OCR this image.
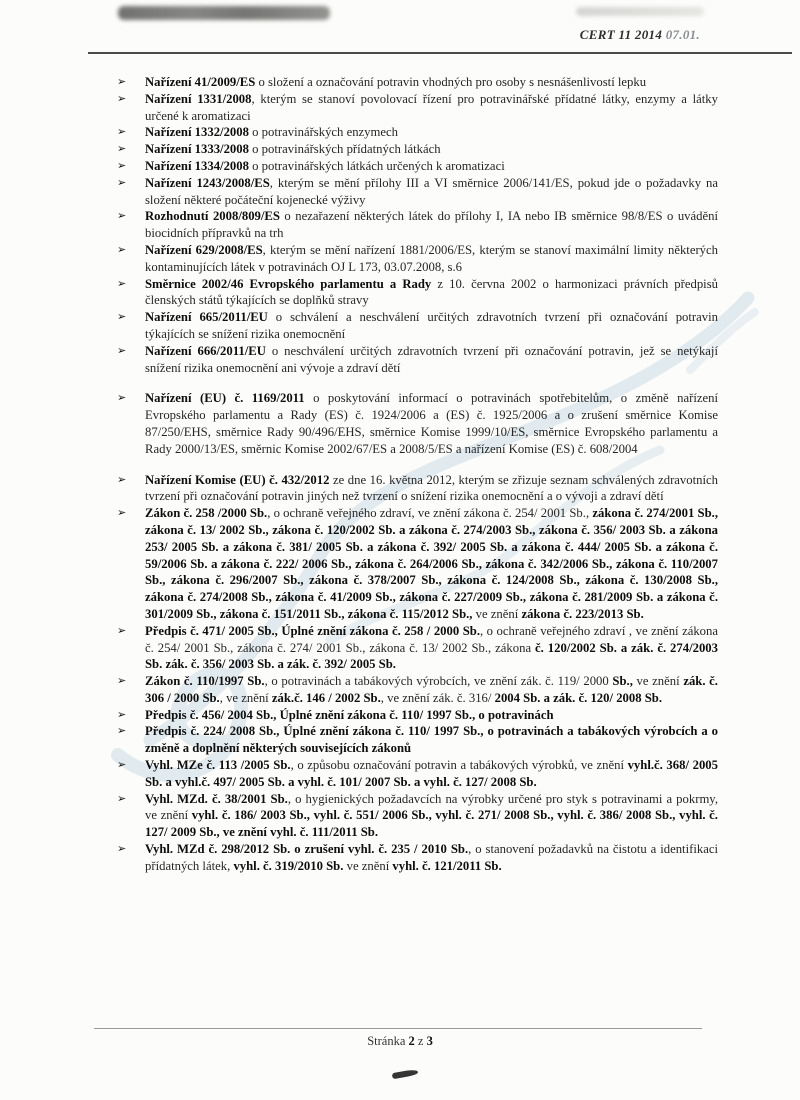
CERT 11 2014 07.01.
➢ Nařízení 41/2009/ES o složení a označování potravin vhodných pro osoby s nesnášenlivostí lepku
➢ Nařízení 1331/2008, kterým se stanoví povolovací řízení pro potravinářské přídatné látky, enzymy a látky určené k aromatizaci
➢ Nařízení 1332/2008 o potravinářských enzymech
➢ Nařízení 1333/2008 o potravinářských přídatných látkách
➢ Nařízení 1334/2008 o potravinářských látkách určených k aromatizaci
➢ Nařízení 1243/2008/ES, kterým se mění přílohy III a VI směrnice 2006/141/ES, pokud jde o požadavky na složení některé počáteční kojenecké výživy
➢ Rozhodnutí 2008/809/ES o nezařazení některých látek do přílohy I, IA nebo IB směrnice 98/8/ES o uvádění biocidních přípravků na trh
➢ Nařízení 629/2008/ES, kterým se mění nařízení 1881/2006/ES, kterým se stanoví maximální limity některých kontaminujících látek v potravinách OJ L 173, 03.07.2008, s.6
➢ Směrnice 2002/46 Evropského parlamentu a Rady z 10. června 2002 o harmonizaci právních předpisů členských států týkajících se doplňků stravy
➢ Nařízení 665/2011/EU o schválení a neschválení určitých zdravotních tvrzení při označování potravin týkajících se snížení rizika onemocnění
➢ Nařízení 666/2011/EU o neschválení určitých zdravotních tvrzení při označování potravin, jež se netýkají snížení rizika onemocnění ani vývoje a zdraví dětí
➢ Nařízení (EU) č. 1169/2011 o poskytování informací o potravinách spotřebitelům, o změně nařízení Evropského parlamentu a Rady (ES) č. 1924/2006 a (ES) č. 1925/2006 a o zrušení směrnice Komise 87/250/EHS, směrnice Rady 90/496/EHS, směrnice Komise 1999/10/ES, směrnice Evropského parlamentu a Rady 2000/13/ES, směrnic Komise 2002/67/ES a 2008/5/ES a nařízení Komise (ES) č. 608/2004
➢ Nařízení Komise (EU) č. 432/2012 ze dne 16. května 2012, kterým se zřizuje seznam schválených zdravotních tvrzení při označování potravin jiných než tvrzení o snížení rizika onemocnění a o vývoji a zdraví dětí
➢ Zákon č. 258 /2000 Sb., o ochraně veřejného zdraví, ve znění zákona č. 254/ 2001 Sb., zákona č. 274/2001 Sb., zákona č. 13/ 2002 Sb., zákona č. 120/2002 Sb. a zákona č. 274/2003 Sb., zákona č. 356/ 2003 Sb. a zákona 253/ 2005 Sb. a zákona č. 381/ 2005 Sb. a zákona č. 392/ 2005 Sb. a zákona č. 444/ 2005 Sb. a zákona č. 59/2006 Sb. a zákona č. 222/ 2006 Sb., zákona č. 264/2006 Sb., zákona č. 342/2006 Sb., zákona č. 110/2007 Sb., zákona č. 296/2007 Sb., zákona č. 378/2007 Sb., zákona č. 124/2008 Sb., zákona č. 130/2008 Sb., zákona č. 274/2008 Sb., zákona č. 41/2009 Sb., zákona č. 227/2009 Sb., zákona č. 281/2009 Sb. a zákona č. 301/2009 Sb., zákona č. 151/2011 Sb., zákona č. 115/2012 Sb., ve znění zákona č. 223/2013 Sb.
➢ Předpis č. 471/ 2005 Sb., Úplné znění zákona č. 258 / 2000 Sb., o ochraně veřejného zdraví , ve znění zákona č. 254/ 2001 Sb., zákona č. 274/ 2001 Sb., zákona č. 13/ 2002 Sb., zákona č. 120/2002 Sb. a zák. č. 274/2003 Sb. zák. č. 356/ 2003 Sb. a zák. č. 392/ 2005 Sb.
➢ Zákon č. 110/1997 Sb., o potravinách a tabákových výrobcích, ve znění zák. č. 119/ 2000 Sb., ve znění zák. č. 306 / 2000 Sb., ve znění zák.č. 146 / 2002 Sb., ve znění zák. č. 316/ 2004 Sb. a zák. č. 120/ 2008 Sb.
➢ Předpis č. 456/ 2004 Sb., Úplné znění zákona č. 110/ 1997 Sb., o potravinách
➢ Předpis č. 224/ 2008 Sb., Úplné znění zákona č. 110/ 1997 Sb., o potravinách a tabákových výrobcích a o změně a doplnění některých souvisejících zákonů
➢ Vyhl. MZe č. 113 /2005 Sb., o způsobu označování potravin a tabákových výrobků, ve znění vyhl.č. 368/ 2005 Sb. a vyhl.č. 497/ 2005 Sb. a vyhl. č. 101/ 2007 Sb. a vyhl. č. 127/ 2008 Sb.
➢ Vyhl. MZd. č. 38/2001 Sb., o hygienických požadavcích na výrobky určené pro styk s potravinami a pokrmy, ve znění vyhl. č. 186/ 2003 Sb., vyhl. č. 551/ 2006 Sb., vyhl. č. 271/ 2008 Sb., vyhl. č. 386/ 2008 Sb., vyhl. č. 127/ 2009 Sb., ve znění vyhl. č. 111/2011 Sb.
➢ Vyhl. MZd č. 298/2012 Sb. o zrušení vyhl. č. 235 / 2010 Sb., o stanovení požadavků na čistotu a identifikaci přídatných látek, vyhl. č. 319/2010 Sb. ve znění vyhl. č. 121/2011 Sb.
Stránka 2 z 3
